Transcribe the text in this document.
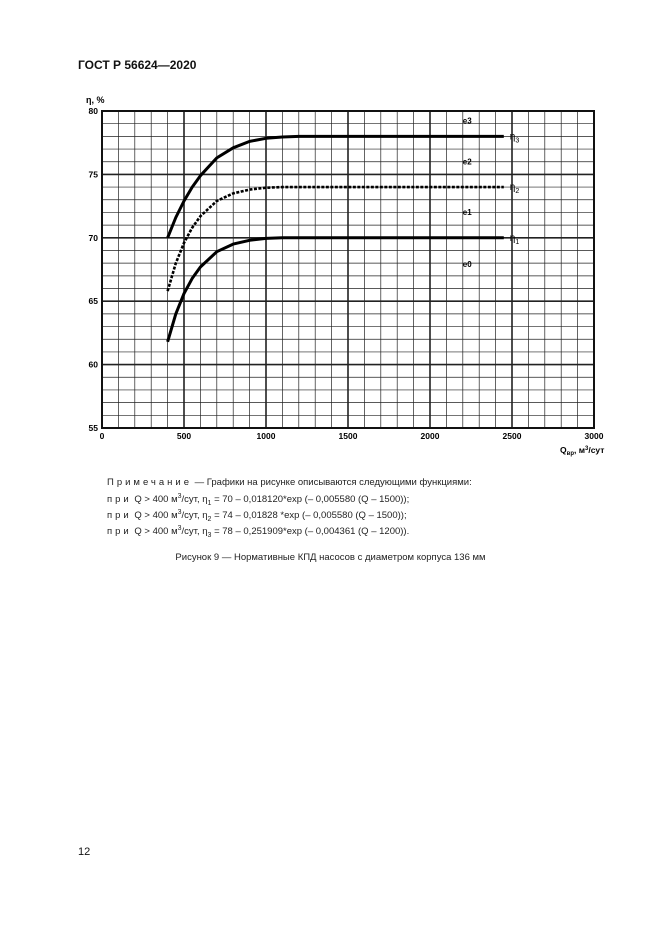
ГОСТ Р 56624—2020
0	500	1000	1500	2000	2500	3000
55
60
65
70
75
80
η, %
$Q_{вр}$, $м^3$/сут
e3
e2
e1
e0
$\eta_3$
$\eta_2$
$\eta_1$
Примечание — Графики на рисунке описываются следующими функциями:
при Q > 400 $м^3$/сут, $\eta_1 = 70 - 0,018120*\exp$ (– 0,005580 (Q – 1500));
при Q > 400 $м^3$/сут, $\eta_2 = 74 - 0,01828$ *exp (– 0,005580 (Q – 1500));
при Q > 400 $м^3$/сут, $\eta_3 = 78 - 0,251909*\exp$ (– 0,004361 (Q – 1200)).
Рисунок 9 — Нормативные КПД насосов с диаметром корпуса 136 мм
12
